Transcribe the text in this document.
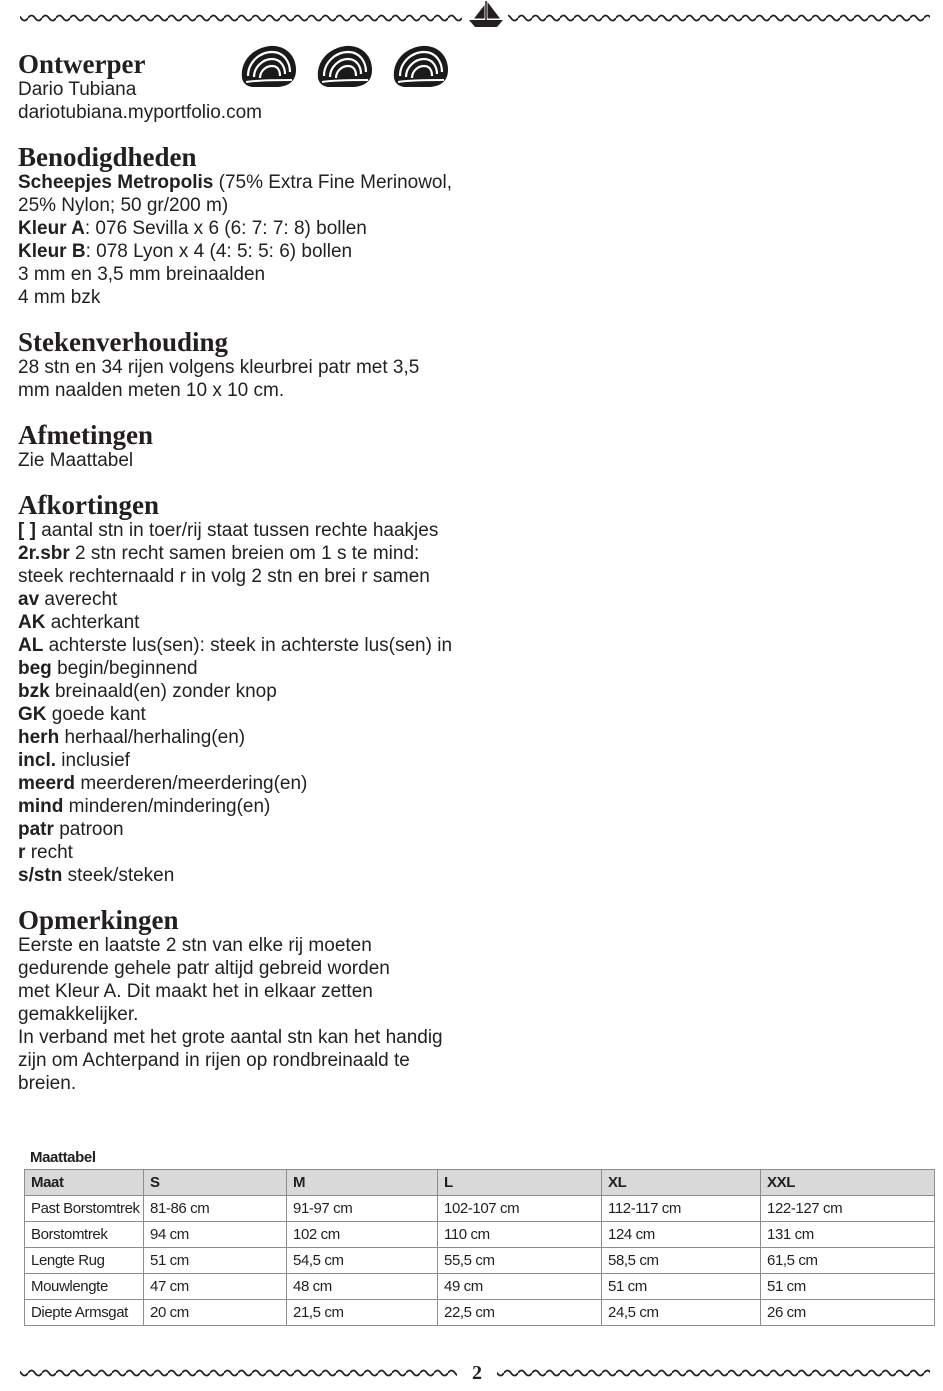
Ontwerper
Dario Tubiana
dariotubiana.myportfolio.com
Benodigdheden
Scheepjes Metropolis (75% Extra Fine Merinowol,
25% Nylon; 50 gr/200 m)
Kleur A: 076 Sevilla x 6 (6: 7: 7: 8) bollen
Kleur B: 078 Lyon x 4 (4: 5: 5: 6) bollen
3 mm en 3,5 mm breinaalden
4 mm bzk
Stekenverhouding
28 stn en 34 rijen volgens kleurbrei patr met 3,5
mm naalden meten 10 x 10 cm.
Afmetingen
Zie Maattabel
Afkortingen
[ ] aantal stn in toer/rij staat tussen rechte haakjes
2r.sbr 2 stn recht samen breien om 1 s te mind:
steek rechternaald r in volg 2 stn en brei r samen
av averecht
AK achterkant
AL achterste lus(sen): steek in achterste lus(sen) in
beg begin/beginnend
bzk breinaald(en) zonder knop
GK goede kant
herh herhaal/herhaling(en)
incl. inclusief
meerd meerderen/meerdering(en)
mind minderen/mindering(en)
patr patroon
r recht
s/stn steek/steken
Opmerkingen
Eerste en laatste 2 stn van elke rij moeten
gedurende gehele patr altijd gebreid worden
met Kleur A. Dit maakt het in elkaar zetten
gemakkelijker.
In verband met het grote aantal stn kan het handig
zijn om Achterpand in rijen op rondbreinaald te
breien.
Maattabel
Maat	S	M	L	XL	XXL
Past Borstomtrek	81-86 cm	91-97 cm	102-107 cm	112-117 cm	122-127 cm
Borstomtrek	94 cm	102 cm	110 cm	124 cm	131 cm
Lengte Rug	51 cm	54,5 cm	55,5 cm	58,5 cm	61,5 cm
Mouwlengte	47 cm	48 cm	49 cm	51 cm	51 cm
Diepte Armsgat	20 cm	21,5 cm	22,5 cm	24,5 cm	26 cm
2
